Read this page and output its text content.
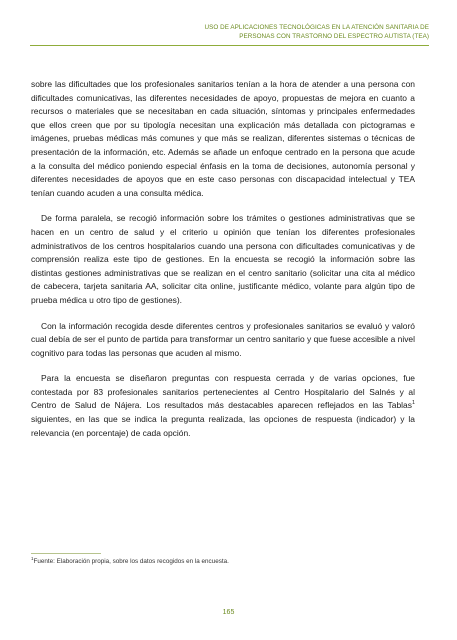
USO DE APLICACIONES TECNOLÓGICAS EN LA ATENCIÓN SANITARIA DE
PERSONAS CON TRASTORNO DEL ESPECTRO AUTISTA (TEA)

sobre las dificultades que los profesionales sanitarios tenían a la hora de atender a una persona con dificultades comunicativas, las diferentes necesidades de apoyo, propuestas de mejora en cuanto a recursos o materiales que se necesitaban en cada situación, síntomas y principales enfermedades que ellos creen que por su tipología necesitan una explicación más detallada con pictogramas e imágenes, pruebas médicas más comunes y que más se realizan, diferentes sistemas o técnicas de presentación de la información, etc. Además se añade un enfoque centrado en la persona que acude a la consulta del médico poniendo especial énfasis en la toma de decisiones, autonomía personal y diferentes necesidades de apoyos que en este caso personas con discapacidad intelectual y TEA tenían cuando acuden a una consulta médica.

De forma paralela, se recogió información sobre los trámites o gestiones administrativas que se hacen en un centro de salud y el criterio u opinión que tenían los diferentes profesionales administrativos de los centros hospitalarios cuando una persona con dificultades comunicativas y de comprensión realiza este tipo de gestiones. En la encuesta se recogió la información sobre las distintas gestiones administrativas que se realizan en el centro sanitario (solicitar una cita al médico de cabecera, tarjeta sanitaria AA, solicitar cita online, justificante médico, volante para algún tipo de prueba médica u otro tipo de gestiones).

Con la información recogida desde diferentes centros y profesionales sanitarios se evaluó y valoró cual debía de ser el punto de partida para transformar un centro sanitario y que fuese accesible a nivel cognitivo para todas las personas que acuden al mismo.

Para la encuesta se diseñaron preguntas con respuesta cerrada y de varias opciones, fue contestada por 83 profesionales sanitarios pertenecientes al Centro Hospitalario del Salnés y al Centro de Salud de Nájera. Los resultados más destacables aparecen reflejados en las Tablas$^1$ siguientes, en las que se indica la pregunta realizada, las opciones de respuesta (indicador) y la relevancia (en porcentaje) de cada opción.

$^1$Fuente: Elaboración propia, sobre los datos recogidos en la encuesta.
165
